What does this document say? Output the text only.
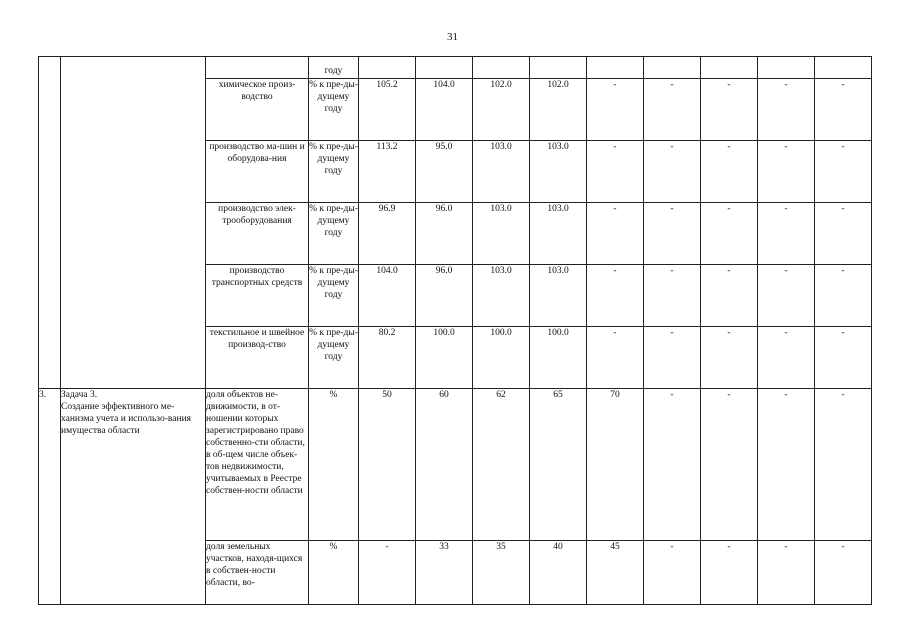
31
			году									
		химическое произ-водство	% к пре-ды-дущему году	105.2	104.0	102.0	102.0	-	-	-	-	-
		производство ма-шин и оборудова-ния	% к пре-ды-дущему году	113.2	95.0	103.0	103.0	-	-	-	-	-
		производство элек-трооборудования	% к пре-ды-дущему году	96.9	96.0	103.0	103.0	-	-	-	-	-
		производство транспортных средств	% к пре-ды-дущему году	104.0	96.0	103.0	103.0	-	-	-	-	-
		текстильное и швейное производ-ство	% к пре-ды-дущему году	80.2	100.0	100.0	100.0	-	-	-	-	-
3.	Задача 3.
Создание эффективного ме-ханизма учета и использо-вания имущества области	доля объектов не-движимости, в от-ношении которых зарегистрировано право собственно-сти области, в об-щем числе объек-тов недвижимости, учитываемых в Реестре собствен-ности области	%	50	60	62	65	70	-	-	-	-
		доля земельных участков, находя-щихся в собствен-ности области, во-	%	-	33	35	40	45	-	-	-	-
